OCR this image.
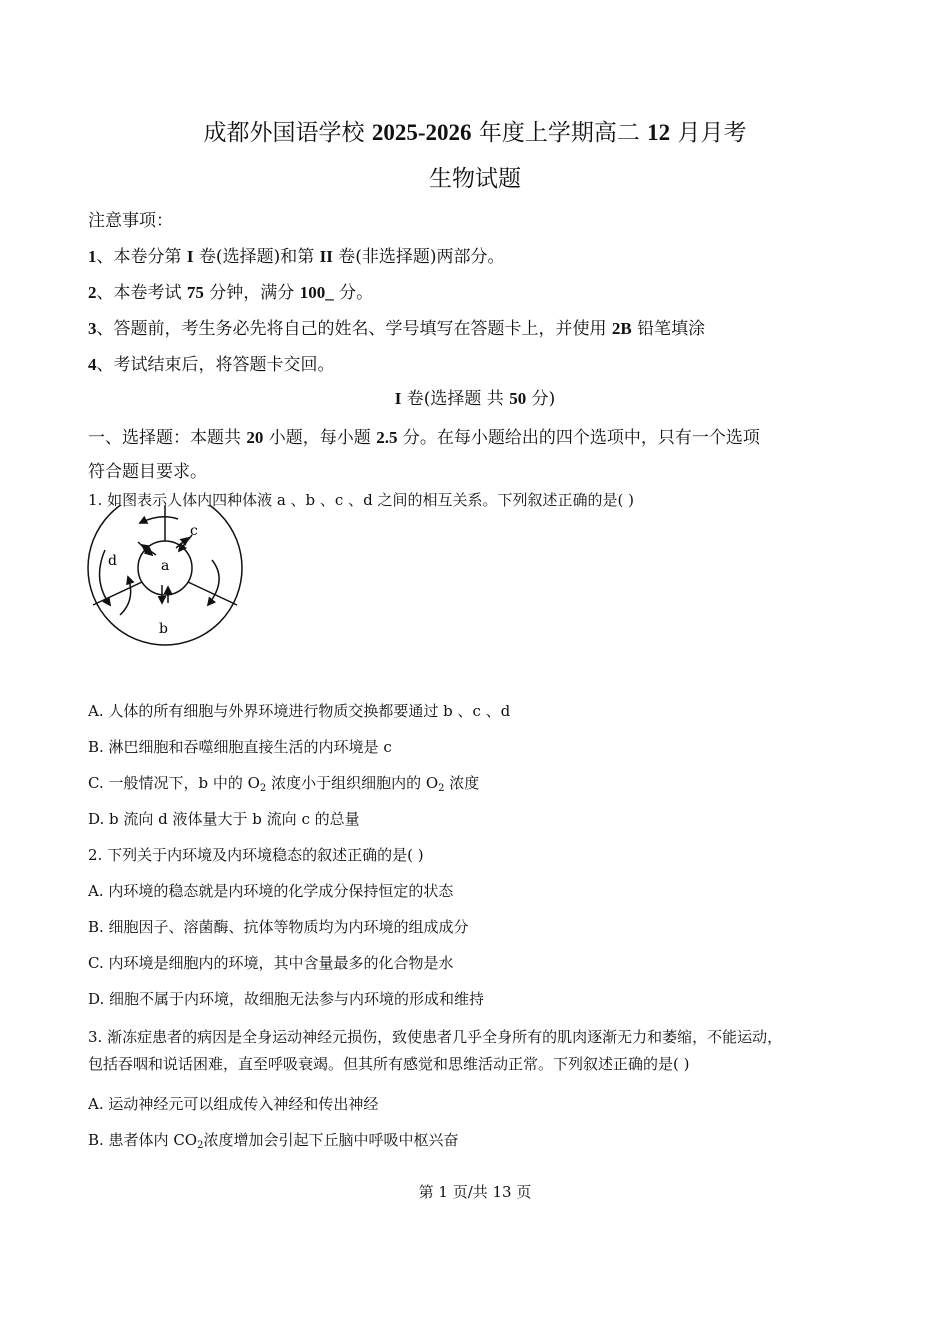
成都外国语学校 2025-2026 年度上学期高二 12 月月考
生物试题
注意事项：
1、本卷分第 I 卷(选择题)和第 II 卷(非选择题)两部分。
2、本卷考试 75 分钟，满分 100_ 分。
3、答题前，考生务必先将自己的姓名、学号填写在答题卡上，并使用 2B 铅笔填涂
4、考试结束后，将答题卡交回。
I 卷(选择题 共 50 分)
一、选择题：本题共 20 小题，每小题 2.5 分。在每小题给出的四个选项中，只有一个选项
符合题目要求。
1. 如图表示人体内四种体液 a 、b 、c 、d 之间的相互关系。下列叙述正确的是( )
a
b
c
d
A. 人体的所有细胞与外界环境进行物质交换都要通过 b 、c 、d
B. 淋巴细胞和吞噬细胞直接生活的内环境是 c
C. 一般情况下，b 中的 $O_2$ 浓度小于组织细胞内的 $O_2$ 浓度
D. b 流向 d 液体量大于 b 流向 c 的总量
2. 下列关于内环境及内环境稳态的叙述正确的是( )
A. 内环境的稳态就是内环境的化学成分保持恒定的状态
B. 细胞因子、溶菌酶、抗体等物质均为内环境的组成成分
C. 内环境是细胞内的环境，其中含量最多的化合物是水
D. 细胞不属于内环境，故细胞无法参与内环境的形成和维持
3. 渐冻症患者的病因是全身运动神经元损伤，致使患者几乎全身所有的肌肉逐渐无力和萎缩，不能运动，
包括吞咽和说话困难，直至呼吸衰竭。但其所有感觉和思维活动正常。下列叙述正确的是( )
A. 运动神经元可以组成传入神经和传出神经
B. 患者体内 $CO_2$浓度增加会引起下丘脑中呼吸中枢兴奋
第 1 页/共 13 页
